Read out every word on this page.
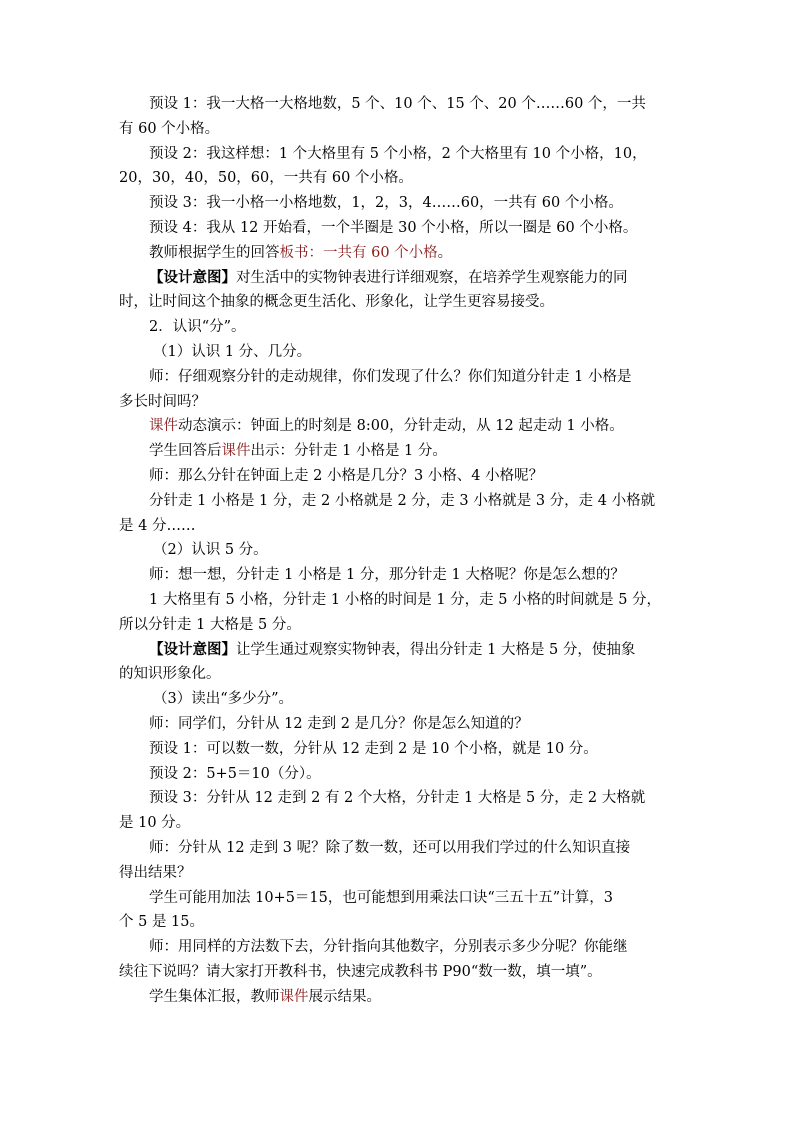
预设 1：我一大格一大格地数，5 个、10 个、15 个、20 个……60 个，一共

有 60 个小格。

预设 2：我这样想：1 个大格里有 5 个小格，2 个大格里有 10 个小格，10，

20，30，40，50，60，一共有 60 个小格。

预设 3：我一小格一小格地数，1，2，3，4……60，一共有 60 个小格。

预设 4：我从 12 开始看，一个半圈是 30 个小格，所以一圈是 60 个小格。

教师根据学生的回答板书：一共有 60 个小格。

【设计意图】对生活中的实物钟表进行详细观察，在培养学生观察能力的同

时，让时间这个抽象的概念更生活化、形象化，让学生更容易接受。

2．认识“分”。

（1）认识 1 分、几分。

师：仔细观察分针的走动规律，你们发现了什么？你们知道分针走 1 小格是

多长时间吗？

课件动态演示：钟面上的时刻是 8:00，分针走动，从 12 起走动 1 小格。

学生回答后课件出示：分针走 1 小格是 1 分。

师：那么分针在钟面上走 2 小格是几分？3 小格、4 小格呢？

分针走 1 小格是 1 分，走 2 小格就是 2 分，走 3 小格就是 3 分，走 4 小格就

是 4 分……

（2）认识 5 分。

师：想一想，分针走 1 小格是 1 分，那分针走 1 大格呢？你是怎么想的？

1 大格里有 5 小格，分针走 1 小格的时间是 1 分，走 5 小格的时间就是 5 分，

所以分针走 1 大格是 5 分。

【设计意图】让学生通过观察实物钟表，得出分针走 1 大格是 5 分，使抽象

的知识形象化。

（3）读出“多少分”。

师：同学们，分针从 12 走到 2 是几分？你是怎么知道的？

预设 1：可以数一数，分针从 12 走到 2 是 10 个小格，就是 10 分。

预设 2：5+5＝10（分）。

预设 3：分针从 12 走到 2 有 2 个大格，分针走 1 大格是 5 分，走 2 大格就

是 10 分。

师：分针从 12 走到 3 呢？除了数一数，还可以用我们学过的什么知识直接

得出结果？

学生可能用加法 10+5＝15，也可能想到用乘法口诀“三五十五”计算，3

个 5 是 15。

师：用同样的方法数下去，分针指向其他数字，分别表示多少分呢？你能继

续往下说吗？请大家打开教科书，快速完成教科书 P90“数一数，填一填”。

学生集体汇报，教师课件展示结果。
